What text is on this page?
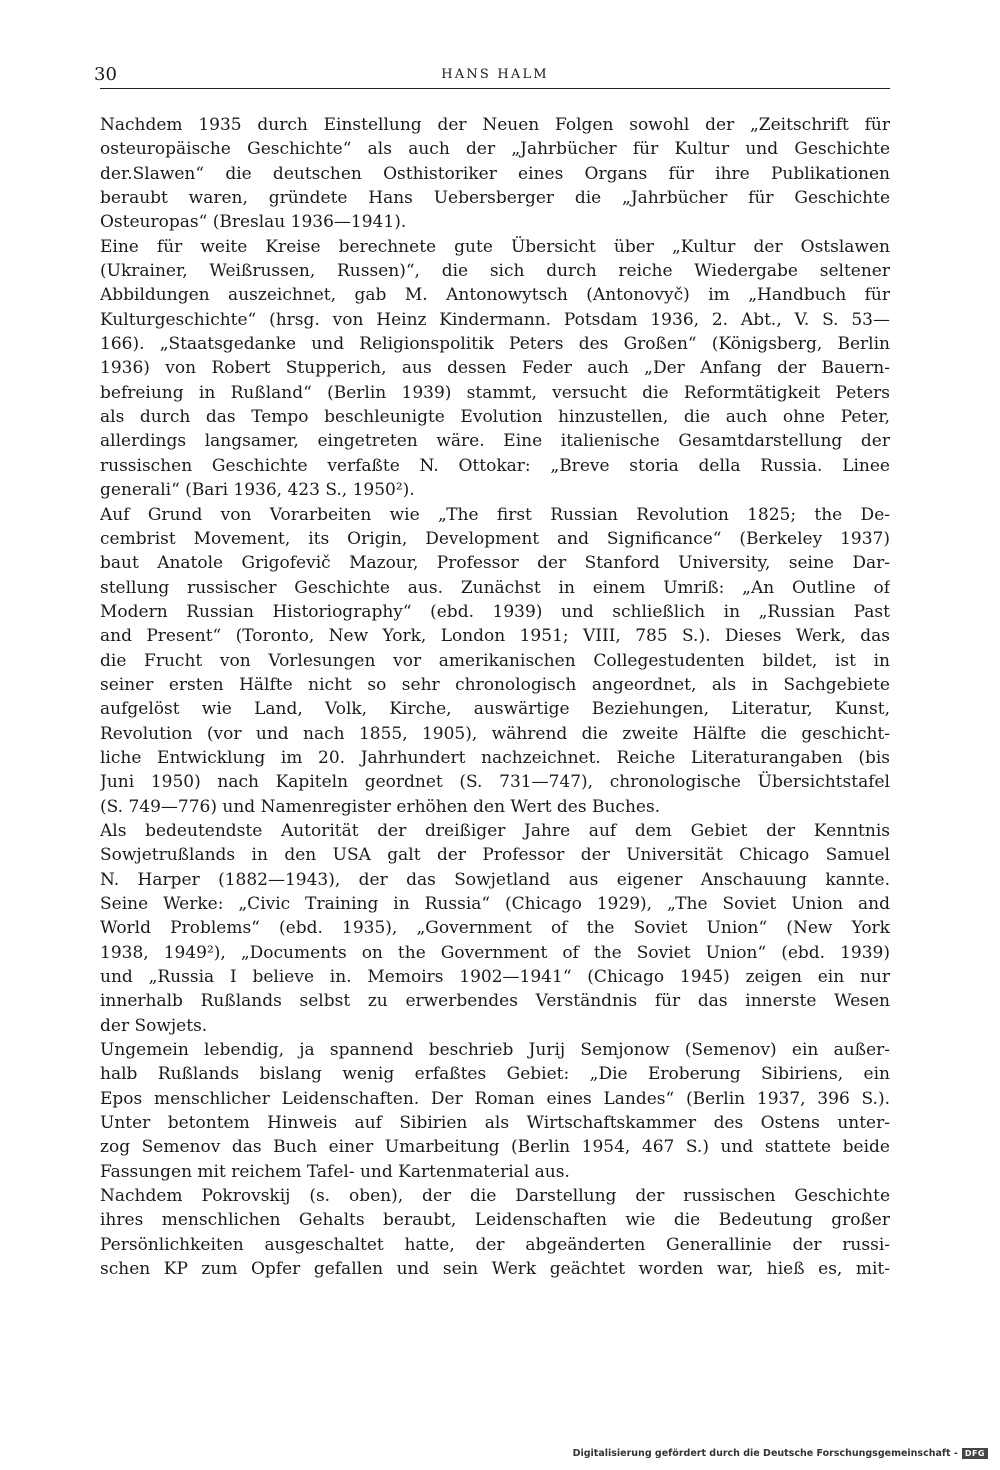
30	HANS HALM
Nachdem 1935 durch Einstellung der Neuen Folgen sowohl der „Zeitschrift für
osteuropäische Geschichte“ als auch der „Jahrbücher für Kultur und Geschichte
der.Slawen“ die deutschen Osthistoriker eines Organs für ihre Publikationen
beraubt waren, gründete Hans Uebersberger die „Jahrbücher für Geschichte
Osteuropas“ (Breslau 1936—1941).
Eine für weite Kreise berechnete gute Übersicht über „Kultur der Ostslawen
(Ukrainer, Weißrussen, Russen)“, die sich durch reiche Wiedergabe seltener
Abbildungen auszeichnet, gab M. Antonowytsch (Antonovyč) im „Handbuch für
Kulturgeschichte“ (hrsg. von Heinz Kindermann. Potsdam 1936, 2. Abt., V. S. 53—
166). „Staatsgedanke und Religionspolitik Peters des Großen“ (Königsberg, Berlin
1936) von Robert Stupperich, aus dessen Feder auch „Der Anfang der Bauern-
befreiung in Rußland“ (Berlin 1939) stammt, versucht die Reformtätigkeit Peters
als durch das Tempo beschleunigte Evolution hinzustellen, die auch ohne Peter,
allerdings langsamer, eingetreten wäre. Eine italienische Gesamtdarstellung der
russischen Geschichte verfaßte N. Ottokar: „Breve storia della Russia. Linee
generali“ (Bari 1936, 423 S., 1950²).
Auf Grund von Vorarbeiten wie „The first Russian Revolution 1825; the De-
cembrist Movement, its Origin, Development and Significance“ (Berkeley 1937)
baut Anatole Grigofevič Mazour, Professor der Stanford University, seine Dar-
stellung russischer Geschichte aus. Zunächst in einem Umriß: „An Outline of
Modern Russian Historiography“ (ebd. 1939) und schließlich in „Russian Past
and Present“ (Toronto, New York, London 1951; VIII, 785 S.). Dieses Werk, das
die Frucht von Vorlesungen vor amerikanischen Collegestudenten bildet, ist in
seiner ersten Hälfte nicht so sehr chronologisch angeordnet, als in Sachgebiete
aufgelöst wie Land, Volk, Kirche, auswärtige Beziehungen, Literatur, Kunst,
Revolution (vor und nach 1855, 1905), während die zweite Hälfte die geschicht-
liche Entwicklung im 20. Jahrhundert nachzeichnet. Reiche Literaturangaben (bis
Juni 1950) nach Kapiteln geordnet (S. 731—747), chronologische Übersichtstafel
(S. 749—776) und Namenregister erhöhen den Wert des Buches.
Als bedeutendste Autorität der dreißiger Jahre auf dem Gebiet der Kenntnis
Sowjetrußlands in den USA galt der Professor der Universität Chicago Samuel
N. Harper (1882—1943), der das Sowjetland aus eigener Anschauung kannte.
Seine Werke: „Civic Training in Russia“ (Chicago 1929), „The Soviet Union and
World Problems“ (ebd. 1935), „Government of the Soviet Union“ (New York
1938, 1949²), „Documents on the Government of the Soviet Union“ (ebd. 1939)
und „Russia I believe in. Memoirs 1902—1941“ (Chicago 1945) zeigen ein nur
innerhalb Rußlands selbst zu erwerbendes Verständnis für das innerste Wesen
der Sowjets.
Ungemein lebendig, ja spannend beschrieb Jurij Semjonow (Semenov) ein außer-
halb Rußlands bislang wenig erfaßtes Gebiet: „Die Eroberung Sibiriens, ein
Epos menschlicher Leidenschaften. Der Roman eines Landes“ (Berlin 1937, 396 S.).
Unter betontem Hinweis auf Sibirien als Wirtschaftskammer des Ostens unter-
zog Semenov das Buch einer Umarbeitung (Berlin 1954, 467 S.) und stattete beide
Fassungen mit reichem Tafel- und Kartenmaterial aus.
Nachdem Pokrovskij (s. oben), der die Darstellung der russischen Geschichte
ihres menschlichen Gehalts beraubt, Leidenschaften wie die Bedeutung großer
Persönlichkeiten ausgeschaltet hatte, der abgeänderten Generallinie der russi-
schen KP zum Opfer gefallen und sein Werk geächtet worden war, hieß es, mit-
Digitalisierung gefördert durch die Deutsche Forschungsgemeinschaft - DFG
